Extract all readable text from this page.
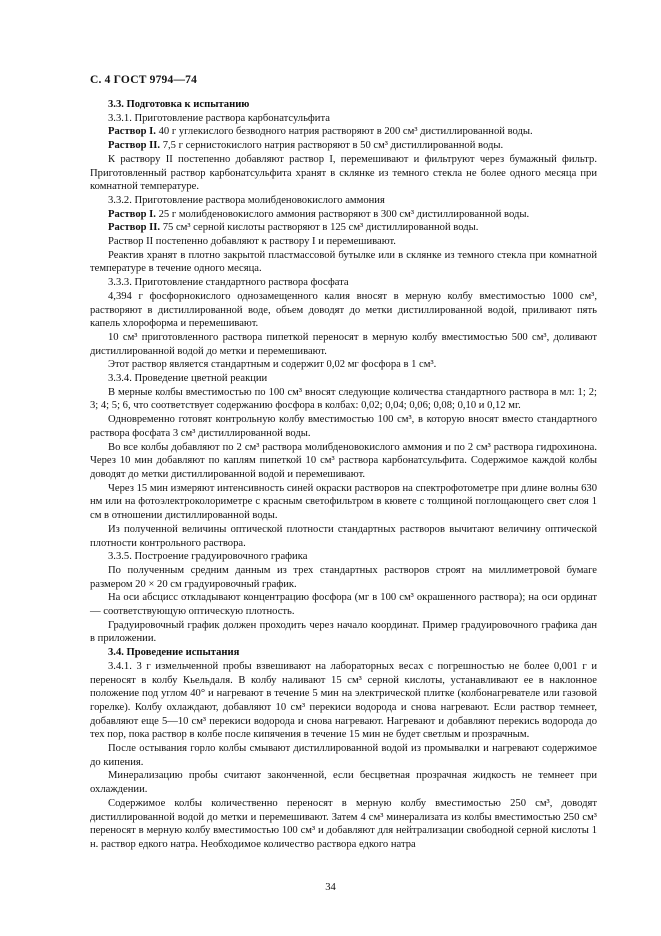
С. 4 ГОСТ 9794—74

3.3. Подготовка к испытанию

3.3.1. Приготовление раствора карбонатсульфита

Раствор I. 40 г углекислого безводного натрия растворяют в 200 см³ дистиллированной воды.

Раствор II. 7,5 г сернистокислого натрия растворяют в 50 см³ дистиллированной воды.

К раствору II постепенно добавляют раствор I, перемешивают и фильтруют через бумажный фильтр. Приготовленный раствор карбонатсульфита хранят в склянке из темного стекла не более одного месяца при комнатной температуре.

3.3.2. Приготовление раствора молибденовокислого аммония

Раствор I. 25 г молибденовокислого аммония растворяют в 300 см³ дистиллированной воды.

Раствор II. 75 см³ серной кислоты растворяют в 125 см³ дистиллированной воды.

Раствор II постепенно добавляют к раствору I и перемешивают.

Реактив хранят в плотно закрытой пластмассовой бутылке или в склянке из темного стекла при комнатной температуре в течение одного месяца.

3.3.3. Приготовление стандартного раствора фосфата

4,394 г фосфорнокислого однозамещенного калия вносят в мерную колбу вместимостью 1000 см³, растворяют в дистиллированной воде, объем доводят до метки дистиллированной водой, приливают пять капель хлороформа и перемешивают.

10 см³ приготовленного раствора пипеткой переносят в мерную колбу вместимостью 500 см³, доливают дистиллированной водой до метки и перемешивают.

Этот раствор является стандартным и содержит 0,02 мг фосфора в 1 см³.

3.3.4. Проведение цветной реакции

В мерные колбы вместимостью по 100 см³ вносят следующие количества стандартного раствора в мл: 1; 2; 3; 4; 5; 6, что соответствует содержанию фосфора в колбах: 0,02; 0,04; 0,06; 0,08; 0,10 и 0,12 мг.

Одновременно готовят контрольную колбу вместимостью 100 см³, в которую вносят вместо стандартного раствора фосфата 3 см³ дистиллированной воды.

Во все колбы добавляют по 2 см³ раствора молибденовокислого аммония и по 2 см³ раствора гидрохинона. Через 10 мин добавляют по каплям пипеткой 10 см³ раствора карбонатсульфита. Содержимое каждой колбы доводят до метки дистиллированной водой и перемешивают.

Через 15 мин измеряют интенсивность синей окраски растворов на спектрофотометре при длине волны 630 нм или на фотоэлектроколориметре с красным светофильтром в кювете с толщиной поглощающего свет слоя 1 см в отношении дистиллированной воды.

Из полученной величины оптической плотности стандартных растворов вычитают величину оптической плотности контрольного раствора.

3.3.5. Построение градуировочного графика

По полученным средним данным из трех стандартных растворов строят на миллиметровой бумаге размером 20 × 20 см градуировочный график.

На оси абсцисс откладывают концентрацию фосфора (мг в 100 см³ окрашенного раствора); на оси ординат — соответствующую оптическую плотность.

Градуировочный график должен проходить через начало координат. Пример градуировочного графика дан в приложении.

3.4. Проведение испытания

3.4.1. 3 г измельченной пробы взвешивают на лабораторных весах с погрешностью не более 0,001 г и переносят в колбу Кьельдаля. В колбу наливают 15 см³ серной кислоты, устанавливают ее в наклонное положение под углом 40° и нагревают в течение 5 мин на электрической плитке (колбонагревателе или газовой горелке). Колбу охлаждают, добавляют 10 см³ перекиси водорода и снова нагревают. Если раствор темнеет, добавляют еще 5—10 см³ перекиси водорода и снова нагревают. Нагревают и добавляют перекись водорода до тех пор, пока раствор в колбе после кипячения в течение 15 мин не будет светлым и прозрачным.

После остывания горло колбы смывают дистиллированной водой из промывалки и нагревают содержимое до кипения.

Минерализацию пробы считают законченной, если бесцветная прозрачная жидкость не темнеет при охлаждении.

Содержимое колбы количественно переносят в мерную колбу вместимостью 250 см³, доводят дистиллированной водой до метки и перемешивают. Затем 4 см³ минерализата из колбы вместимостью 250 см³ переносят в мерную колбу вместимостью 100 см³ и добавляют для нейтрализации свободной серной кислоты 1 н. раствор едкого натра. Необходимое количество раствора едкого натра

34
